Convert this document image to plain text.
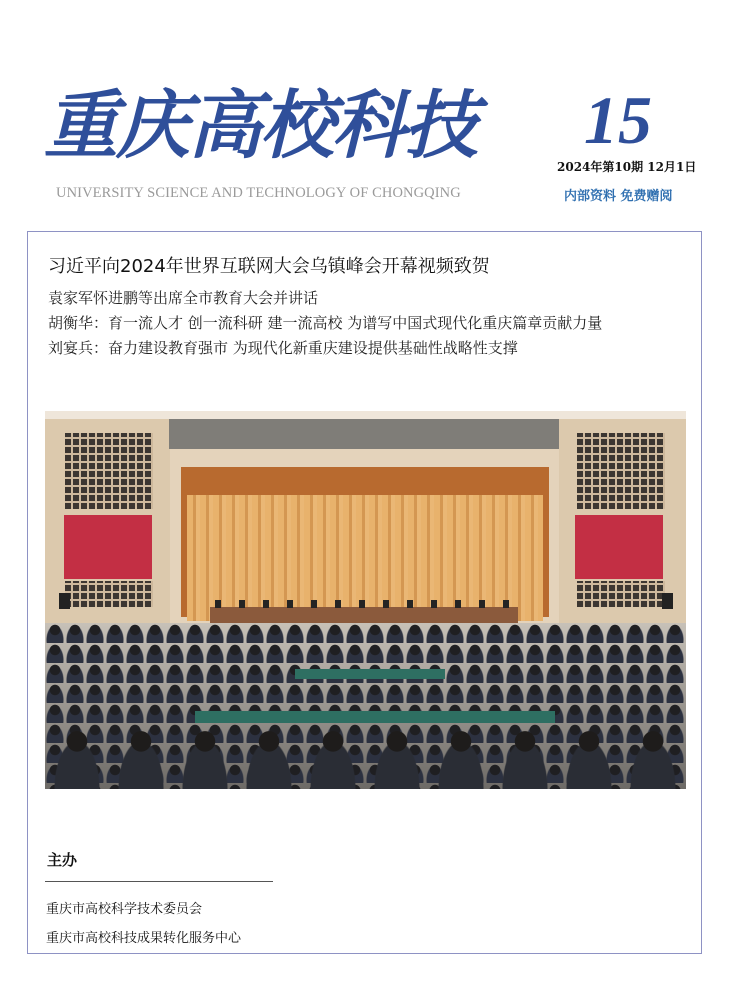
重庆高校科技
UNIVERSITY SCIENCE AND TECHNOLOGY OF CHONGQING
15
2024年第10期 12月1日
内部资料 免费赠阅
习近平向2024年世界互联网大会乌镇峰会开幕视频致贺
袁家军怀进鹏等出席全市教育大会并讲话
胡衡华：育一流人才 创一流科研 建一流高校 为谱写中国式现代化重庆篇章贡献力量
刘宴兵：奋力建设教育强市 为现代化新重庆建设提供基础性战略性支撑
主办
重庆市高校科学技术委员会
重庆市高校科技成果转化服务中心
